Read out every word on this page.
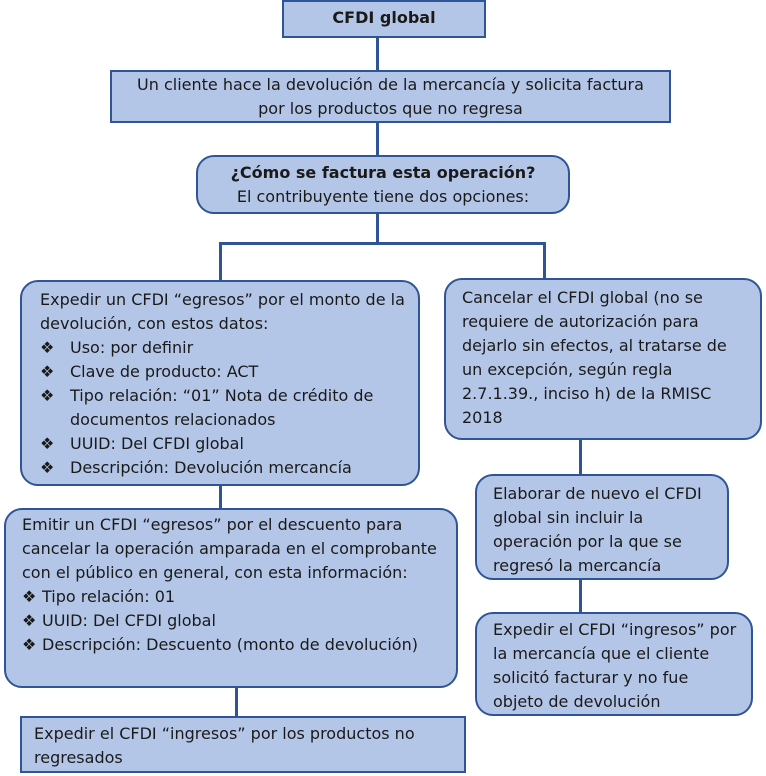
CFDI global
Un cliente hace la devolución de la mercancía y solicita factura
por los productos que no regresa
¿Cómo se factura esta operación?
El contribuyente tiene dos opciones:
Expedir un CFDI “egresos” por el monto de la devolución, con estos datos:
❖ Uso: por definir
❖ Clave de producto: ACT
❖ Tipo relación: “01” Nota de crédito de documentos relacionados
❖ UUID: Del CFDI global
❖ Descripción: Devolución mercancía
Emitir un CFDI “egresos” por el descuento para cancelar la operación amparada en el comprobante con el público en general, con esta información:
❖ Tipo relación: 01
❖ UUID: Del CFDI global
❖ Descripción: Descuento (monto de devolución)
Expedir el CFDI “ingresos” por los productos no regresados
Cancelar el CFDI global (no se requiere de autorización para dejarlo sin efectos, al tratarse de un excepción, según regla 2.7.1.39., inciso h) de la RMISC 2018
Elaborar de nuevo el CFDI global sin incluir la operación por la que se regresó la mercancía
Expedir el CFDI “ingresos” por la mercancía que el cliente solicitó facturar y no fue objeto de devolución
